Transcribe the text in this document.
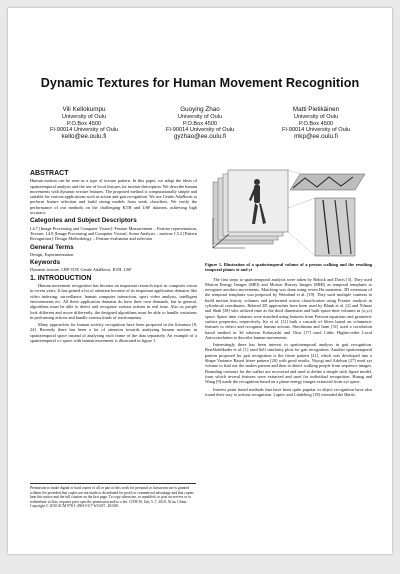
Dynamic Textures for Human Movement Recognition
Vili Kellokumpu
University of Oulu
P.O.Box 4500
FI-90014 University of Oulu
kello@ee.oulu.fi
Guoying Zhao
University of Oulu
P.O.Box 4500
FI-90014 University of Oulu
gyzhao@ee.oulu.fi
Matti Pietikäinen
University of Oulu
P.O.Box 4500
FI-90014 University of Oulu
mkp@ee.oulu.fi
ABSTRACT

Human motion can be seen as a type of texture pattern. In this paper, we adopt the ideas of spatiotemporal analysis and the use of local features for motion description. We describe human movements with dynamic texture features. The proposed method is computationally simple and suitable for various applications such as action and gait recognition. We use Gentle AdaBoost to perform feature selection and build strong models from weak classifiers. We verify the performance of our methods on the challenging KTH and USF datasets, achieving high accuracy.

Categories and Subject Descriptors

I.4.7 [Image Processing and Computer Vision]: Feature Measurement – Feature representation, Texture; I.4.8 [Image Processing and Computer Vision]: Scene Analysis – motion; I.5.2 [Pattern Recognition]: Design Methodology – Feature evaluation and selection

General Terms

Design, Experimentation

Keywords

Dynamic texture, LBP-TOP, Gentle AdaBoost, KTH, USF

1. INTRODUCTION

Human movement recognition has become an important research topic in computer vision in recent years. It has gained a lot of attention because of its important application domains like video indexing, surveillance, human computer interaction, sport video analysis, intelligent environments etc. All these application domains do have their own demands, but in general, algorithms must be able to detect and recognize various actions in real time. Also as people look different and move differently, the designed algorithms must be able to handle variations in performing actions and handle various kinds of environments.

Many approaches for human activity recognition have been proposed in the literature [8, 24]. Recently there has been a lot of attention towards analyzing human motions in spatiotemporal space instead of analyzing each frame of the data separately. An example of a spatiotemporal x-t space with human movement is illustrated in figure 1.

Permission to make digital or hard copies of all or part of this work for personal or classroom use is granted without fee provided that copies are not made or distributed for profit or commercial advantage and that copies bear this notice and the full citation on the first page. To copy otherwise, or republish, to post on servers or to redistribute to lists, requires prior specific permission and/or a fee. CIVR'10, July 5–7, 2010, Xi'an, China. Copyright © 2010 ACM 978-1-4503-0117-6/10/07...$10.00.
Figure 1. Illustration of a spatiotemporal volume of a person walking and the resulting temporal planes xt and yt

The first steps to spatiotemporal analysis were taken by Bobick and Davis [3]. They used Motion Energy Images (MEI) and Motion History Images (MHI) as temporal templates to recognize aerobics movements. Matching was done using seven Hu moments. 3D extension of the temporal templates was proposed by Weinland et al. [19]. They used multiple cameras to build motion history volumes and performed action classification using Fourier analysis in cylindrical coordinates. Related 3D approaches have been used by Blank et al. [2] and Yilmaz and Shah [38] who utilized time as the third dimension and built space-time volumes in (x,y,t) space. Space time volumes were matched using features from Poisson equations and geometric surface properties, respectively. Ke et al. [11] built a cascade of filters based on volumetric features to detect and recognize human actions. Shechtman and Irani [31] used a correlation based method in 3d whereas Kobayashi and Otsu [17] used Cubic Higher-order Local Autocorrelation to describe human movements.

Interestingly there has been interest to spatiotemporal analysis in gait recognition. BenAbdelkader et al. [1] used Self similarity plots for gait recognition. Another spatiotemporal pattern proposed for gait recognition is the frieze pattern [21], which was developed into a Shape Variance Based frieze pattern [20] with good results. Niyogi and Adelson [27] used xyt volume to find out the snakes pattern and then to detect walking people from sequence images. Bounding contours for the walker are recovered and used to define a simple stick figure model, from which several features were extracted and used for individual recognition. Huang and Wang [9] made the recognition based on a phase energy images extracted from xyt space.

Interest point based methods that have been quite popular in object recognition have also found their way to actions recognition. Laptev and Lindeberg [18] extended the Harris
